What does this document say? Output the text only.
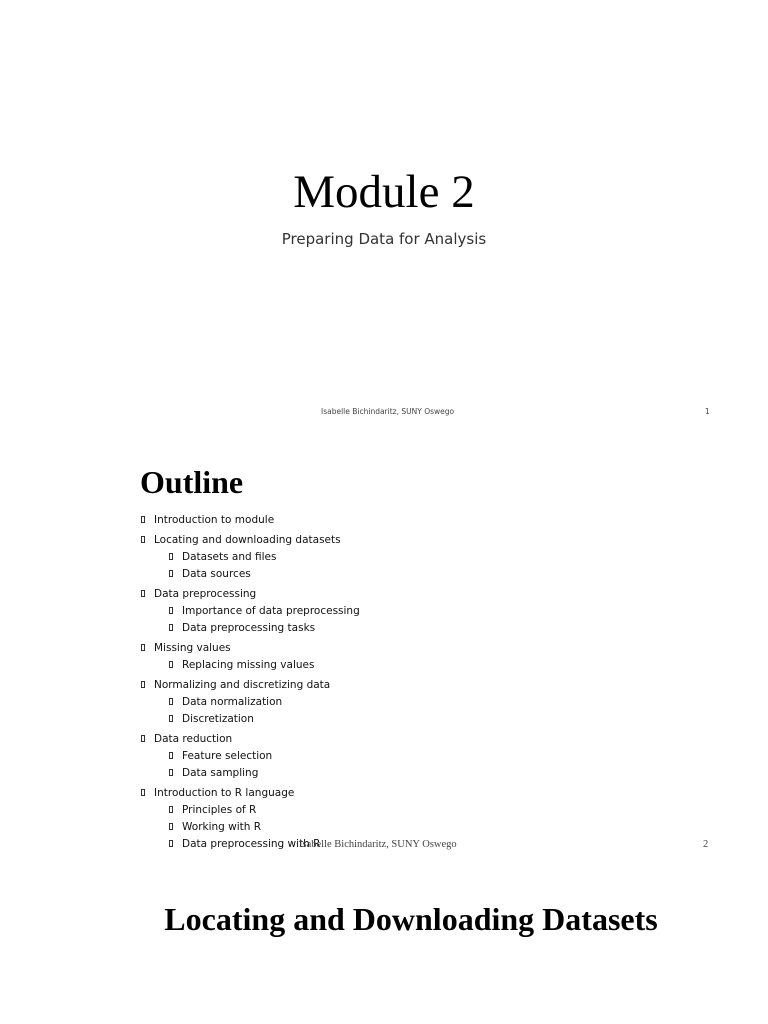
Module 2
Preparing Data for Analysis
Isabelle Bichindaritz, SUNY Oswego	1
Outline
Introduction to module
Locating and downloading datasets
Datasets and files
Data sources
Data preprocessing
Importance of data preprocessing
Data preprocessing tasks
Missing values
Replacing missing values
Normalizing and discretizing data
Data normalization
Discretization
Data reduction
Feature selection
Data sampling
Introduction to R language
Principles of R
Working with R
Data preprocessing with R
Isabelle Bichindaritz, SUNY Oswego	2
Locating and Downloading Datasets
